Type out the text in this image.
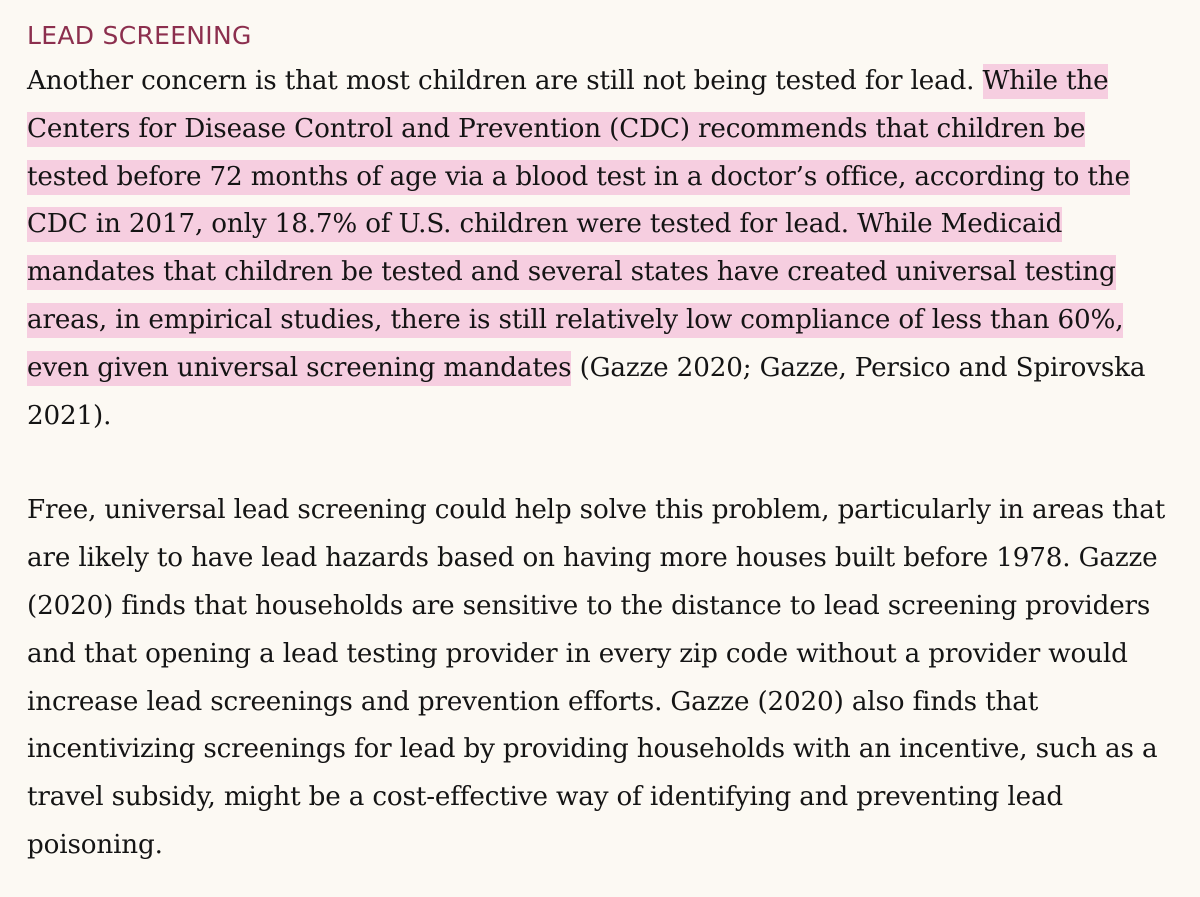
LEAD SCREENING

Another concern is that most children are still not being tested for lead. While the Centers for Disease Control and Prevention (CDC) recommends that children be tested before 72 months of age via a blood test in a doctor’s office, according to the CDC in 2017, only 18.7% of U.S. children were tested for lead. While Medicaid mandates that children be tested and several states have created universal testing areas, in empirical studies, there is still relatively low compliance of less than 60%, even given universal screening mandates (Gazze 2020; Gazze, Persico and Spirovska 2021).

Free, universal lead screening could help solve this problem, particularly in areas that are likely to have lead hazards based on having more houses built before 1978. Gazze (2020) finds that households are sensitive to the distance to lead screening providers and that opening a lead testing provider in every zip code without a provider would increase lead screenings and prevention efforts. Gazze (2020) also finds that incentivizing screenings for lead by providing households with an incentive, such as a travel subsidy, might be a cost-effective way of identifying and preventing lead poisoning.
